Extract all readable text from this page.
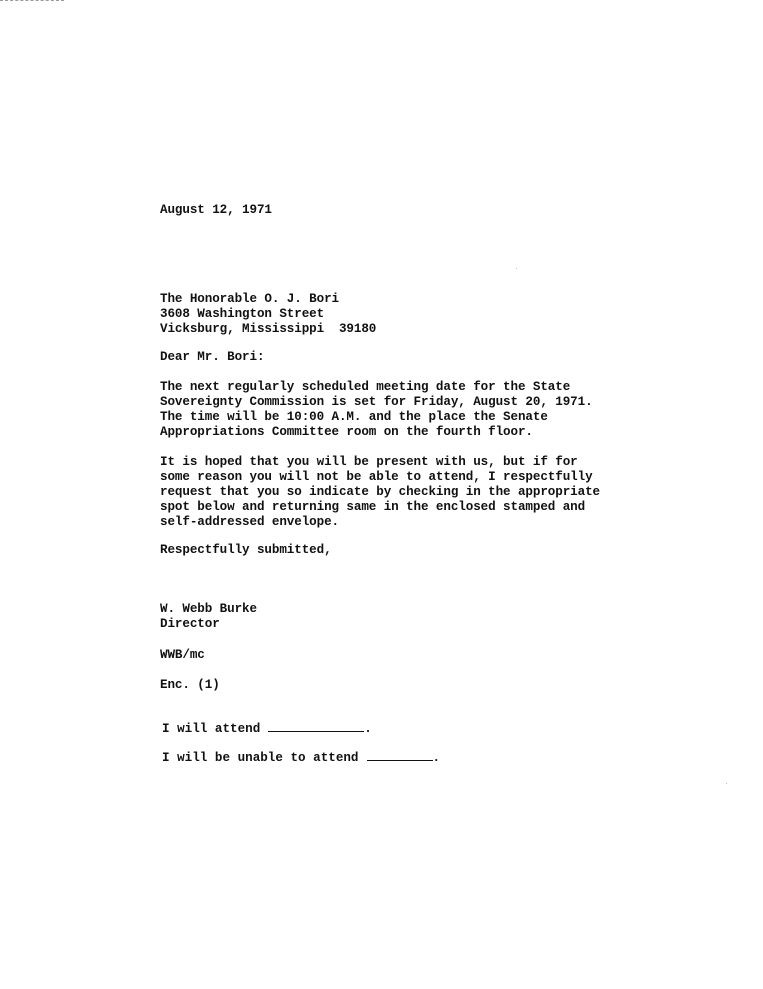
August 12, 1971
The Honorable O. J. Bori
3608 Washington Street
Vicksburg, Mississippi  39180
Dear Mr. Bori:
The next regularly scheduled meeting date for the State
Sovereignty Commission is set for Friday, August 20, 1971.
The time will be 10:00 A.M. and the place the Senate
Appropriations Committee room on the fourth floor.
It is hoped that you will be present with us, but if for
some reason you will not be able to attend, I respectfully
request that you so indicate by checking in the appropriate
spot below and returning same in the enclosed stamped and
self-addressed envelope.
Respectfully submitted,
W. Webb Burke
Director
WWB/mc
Enc. (1)
I will attend	.
I will be unable to attend	.
